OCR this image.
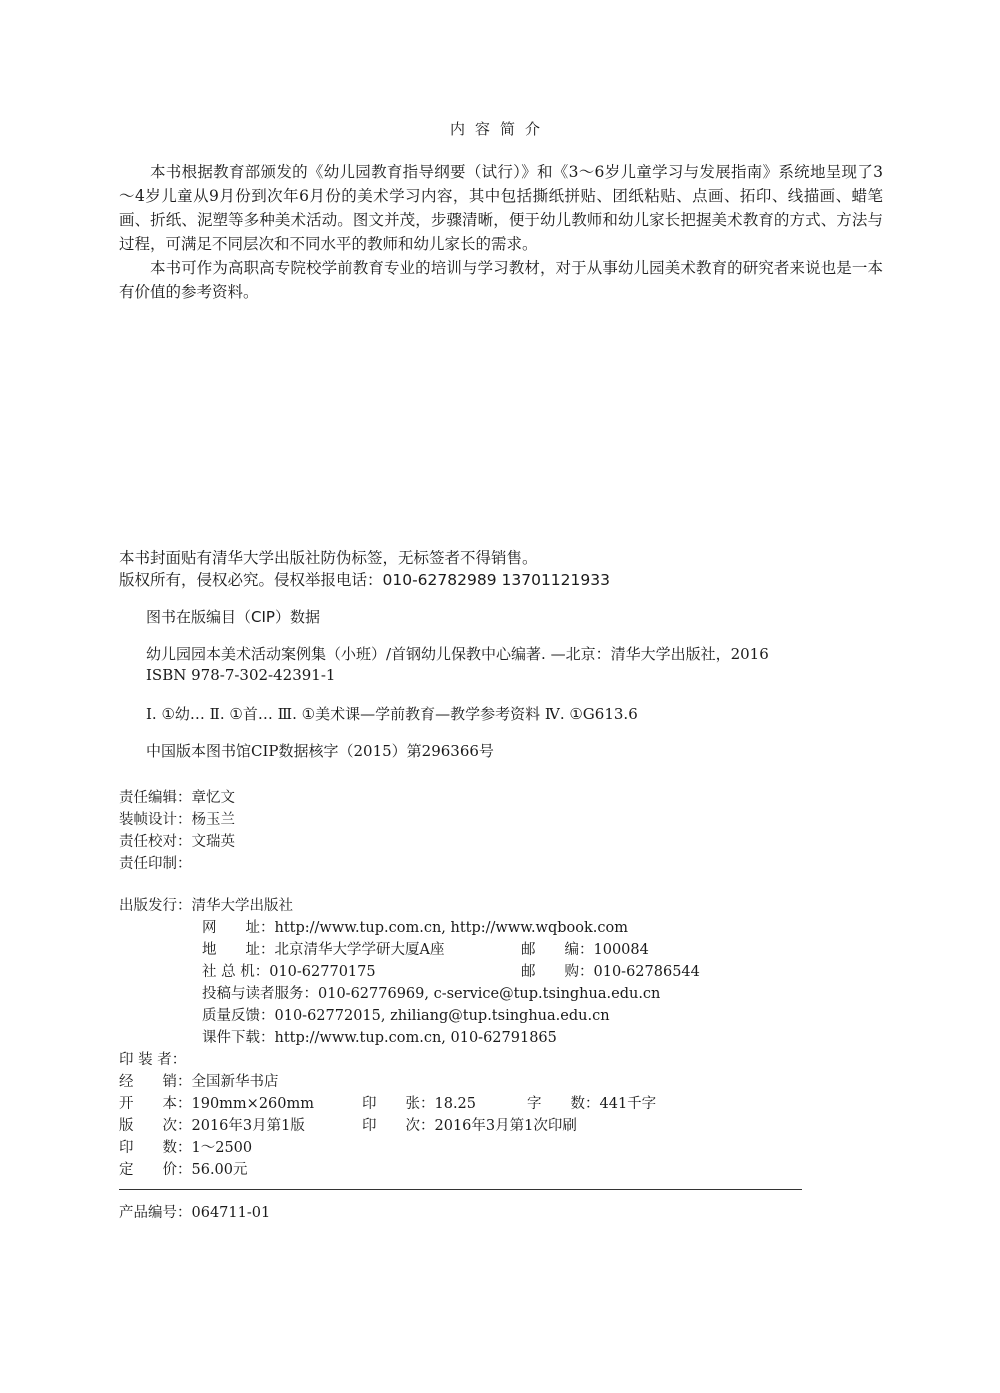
内容简介

本书根据教育部颁发的《幼儿园教育指导纲要（试行）》和《3～6岁儿童学习与发展指南》系统地呈现了3～4岁儿童从9月份到次年6月份的美术学习内容，其中包括撕纸拼贴、团纸粘贴、点画、拓印、线描画、蜡笔画、折纸、泥塑等多种美术活动。图文并茂，步骤清晰，便于幼儿教师和幼儿家长把握美术教育的方式、方法与过程，可满足不同层次和不同水平的教师和幼儿家长的需求。

本书可作为高职高专院校学前教育专业的培训与学习教材，对于从事幼儿园美术教育的研究者来说也是一本有价值的参考资料。

本书封面贴有清华大学出版社防伪标签，无标签者不得销售。
版权所有，侵权必究。侵权举报电话：010-62782989 13701121933
图书在版编目（CIP）数据
幼儿园园本美术活动案例集（小班）/首钢幼儿保教中心编著. —北京：清华大学出版社，2016
ISBN 978-7-302-42391-1
Ⅰ. ①幼… Ⅱ. ①首… Ⅲ. ①美术课—学前教育—教学参考资料 Ⅳ. ①G613.6
中国版本图书馆CIP数据核字（2015）第296366号
责任编辑：章忆文
装帧设计：杨玉兰
责任校对：文瑞英
责任印制：
出版发行：清华大学出版社
网　　址：http://www.tup.com.cn, http://www.wqbook.com
地　　址：北京清华大学学研大厦A座	邮　　编：100084
社 总 机：010-62770175	邮　　购：010-62786544
投稿与读者服务：010-62776969, c-service@tup.tsinghua.edu.cn
质量反馈：010-62772015, zhiliang@tup.tsinghua.edu.cn
课件下载：http://www.tup.com.cn, 010-62791865
印 装 者：
经　　销：全国新华书店
开　　本：190mm×260mm	印　　张：18.25	字　　数：441千字
版　　次：2016年3月第1版	印　　次：2016年3月第1次印刷
印　　数：1～2500
定　　价：56.00元
产品编号：064711-01
